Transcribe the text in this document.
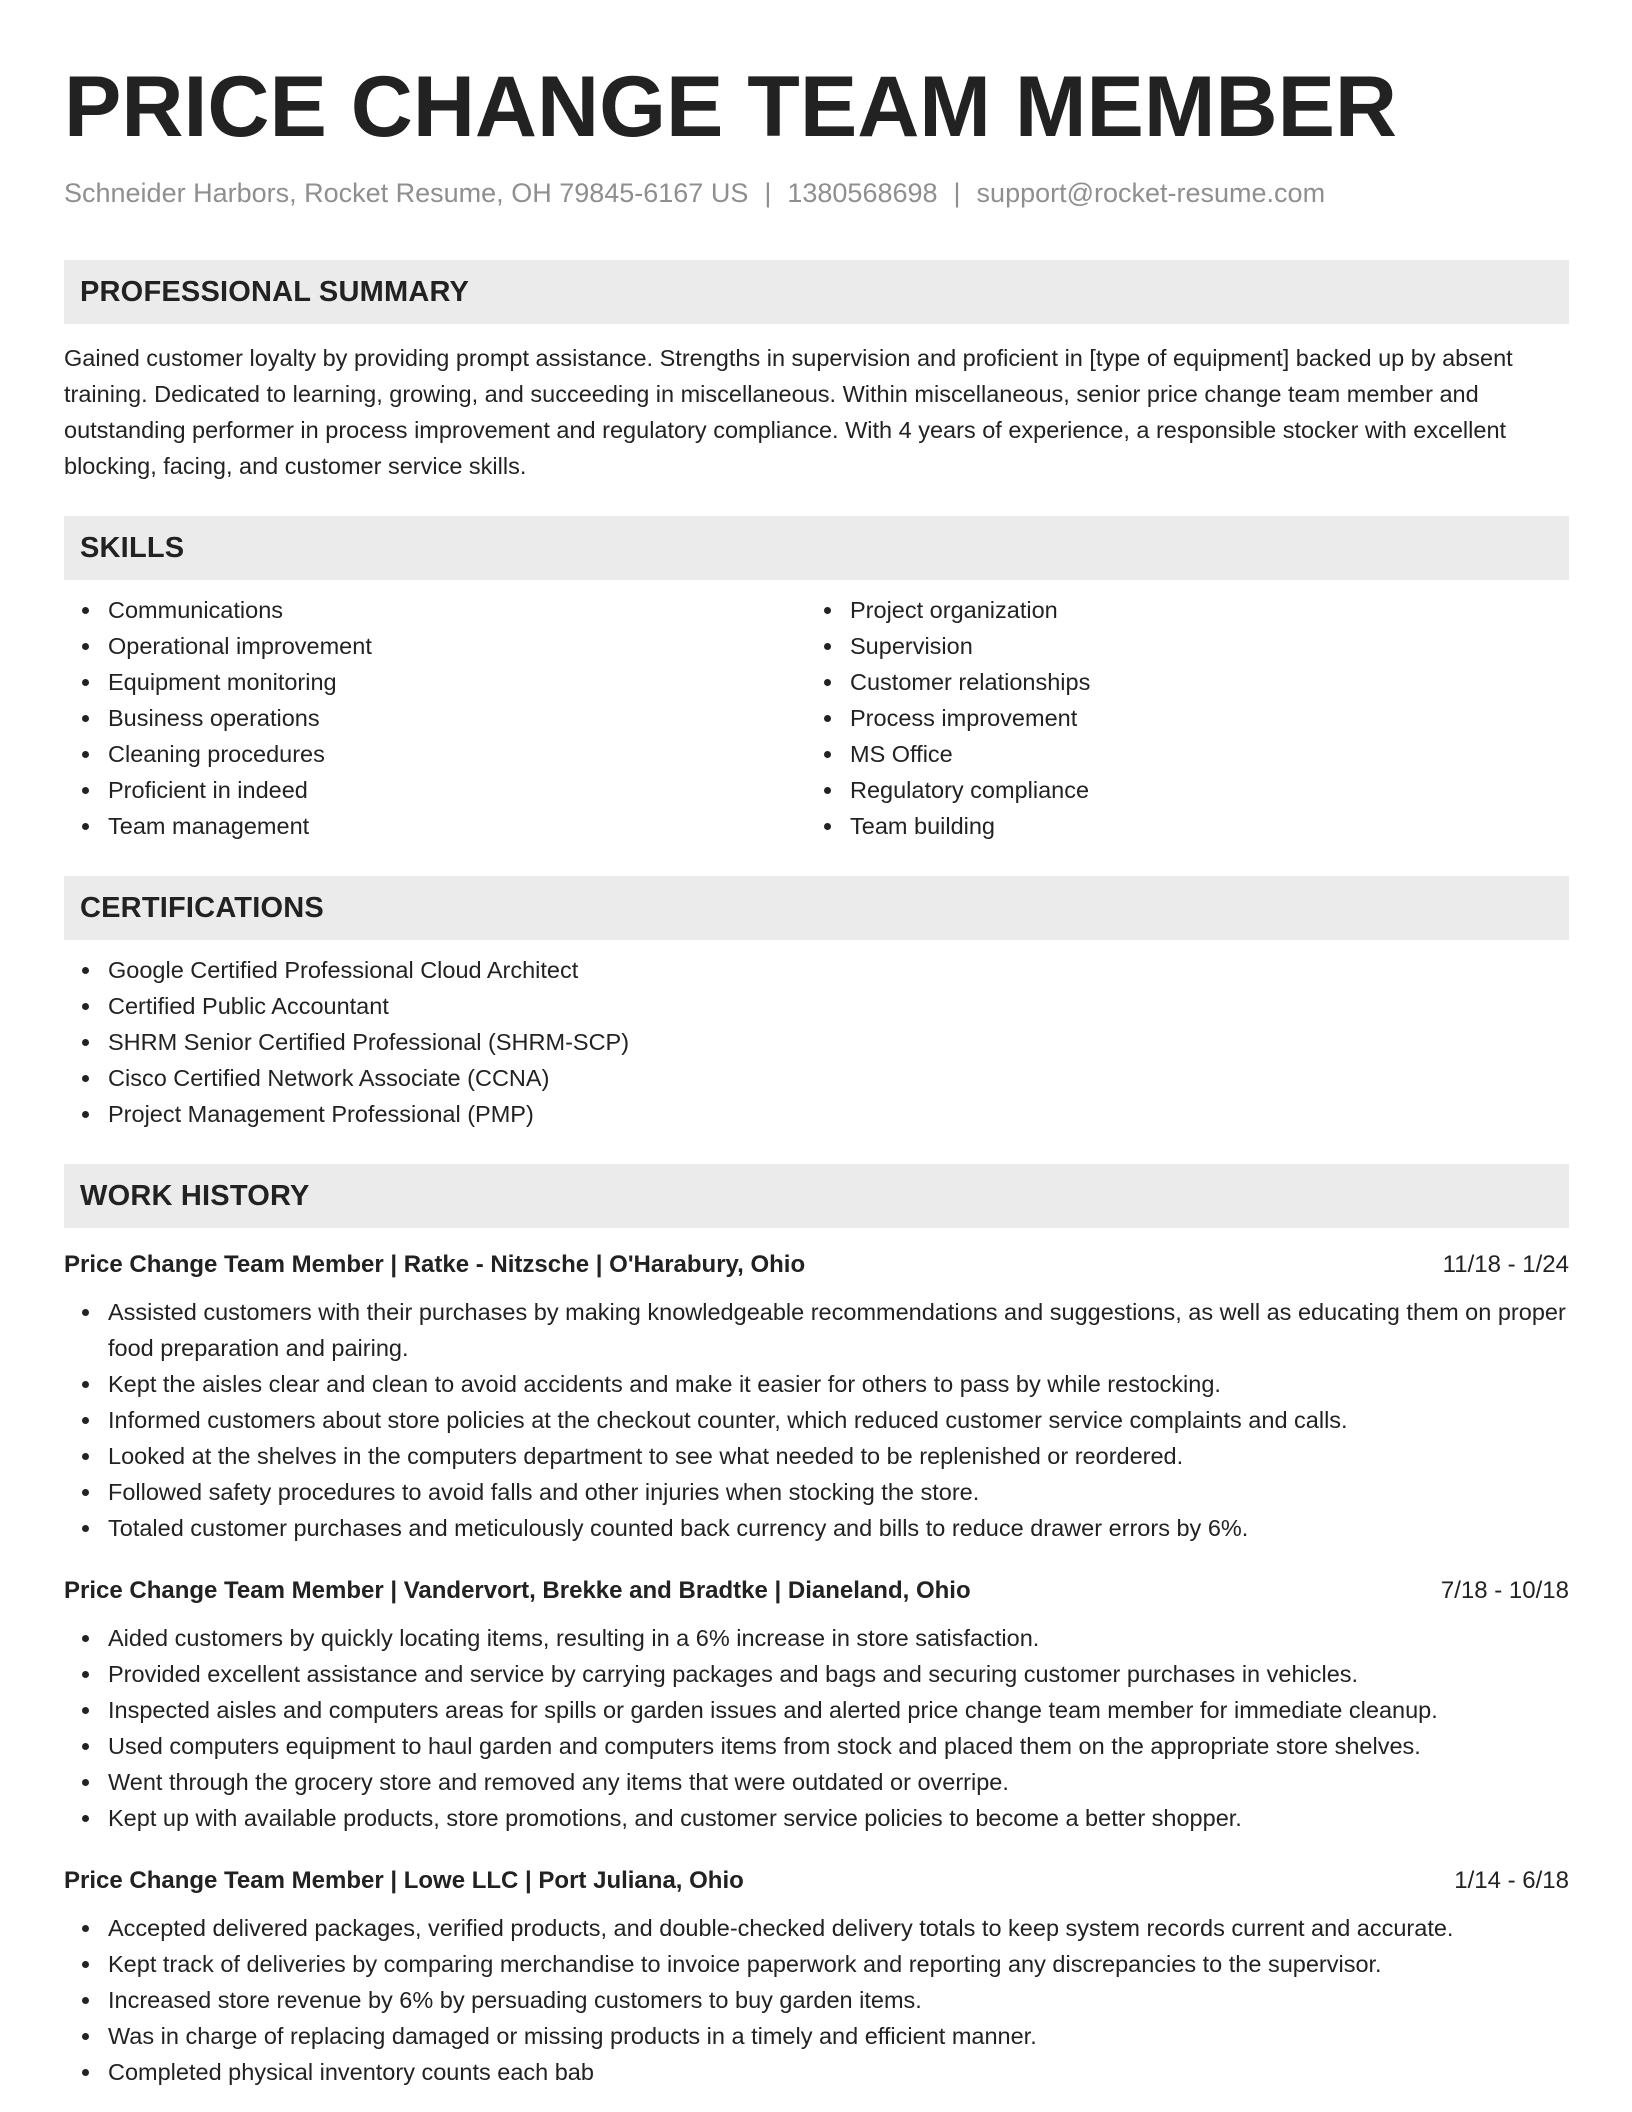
PRICE CHANGE TEAM MEMBER
Schneider Harbors, Rocket Resume, OH 79845-6167 US | 1380568698 | support@rocket-resume.com
PROFESSIONAL SUMMARY

Gained customer loyalty by providing prompt assistance. Strengths in supervision and proficient in [type of equipment] backed up by absent training. Dedicated to learning, growing, and succeeding in miscellaneous. Within miscellaneous, senior price change team member and outstanding performer in process improvement and regulatory compliance. With 4 years of experience, a responsible stocker with excellent blocking, facing, and customer service skills.

SKILLS
Communications
Operational improvement
Equipment monitoring
Business operations
Cleaning procedures
Proficient in indeed
Team management
Project organization
Supervision
Customer relationships
Process improvement
MS Office
Regulatory compliance
Team building
CERTIFICATIONS
Google Certified Professional Cloud Architect
Certified Public Accountant
SHRM Senior Certified Professional (SHRM-SCP)
Cisco Certified Network Associate (CCNA)
Project Management Professional (PMP)
WORK HISTORY
Price Change Team Member | Ratke - Nitzsche | O'Harabury, Ohio	11/18 - 1/24
Assisted customers with their purchases by making knowledgeable recommendations and suggestions, as well as educating them on proper food preparation and pairing.
Kept the aisles clear and clean to avoid accidents and make it easier for others to pass by while restocking.
Informed customers about store policies at the checkout counter, which reduced customer service complaints and calls.
Looked at the shelves in the computers department to see what needed to be replenished or reordered.
Followed safety procedures to avoid falls and other injuries when stocking the store.
Totaled customer purchases and meticulously counted back currency and bills to reduce drawer errors by 6%.
Price Change Team Member | Vandervort, Brekke and Bradtke | Dianeland, Ohio	7/18 - 10/18
Aided customers by quickly locating items, resulting in a 6% increase in store satisfaction.
Provided excellent assistance and service by carrying packages and bags and securing customer purchases in vehicles.
Inspected aisles and computers areas for spills or garden issues and alerted price change team member for immediate cleanup.
Used computers equipment to haul garden and computers items from stock and placed them on the appropriate store shelves.
Went through the grocery store and removed any items that were outdated or overripe.
Kept up with available products, store promotions, and customer service policies to become a better shopper.
Price Change Team Member | Lowe LLC | Port Juliana, Ohio	1/14 - 6/18
Accepted delivered packages, verified products, and double-checked delivery totals to keep system records current and accurate.
Kept track of deliveries by comparing merchandise to invoice paperwork and reporting any discrepancies to the supervisor.
Increased store revenue by 6% by persuading customers to buy garden items.
Was in charge of replacing damaged or missing products in a timely and efficient manner.
Completed physical inventory counts each bab
